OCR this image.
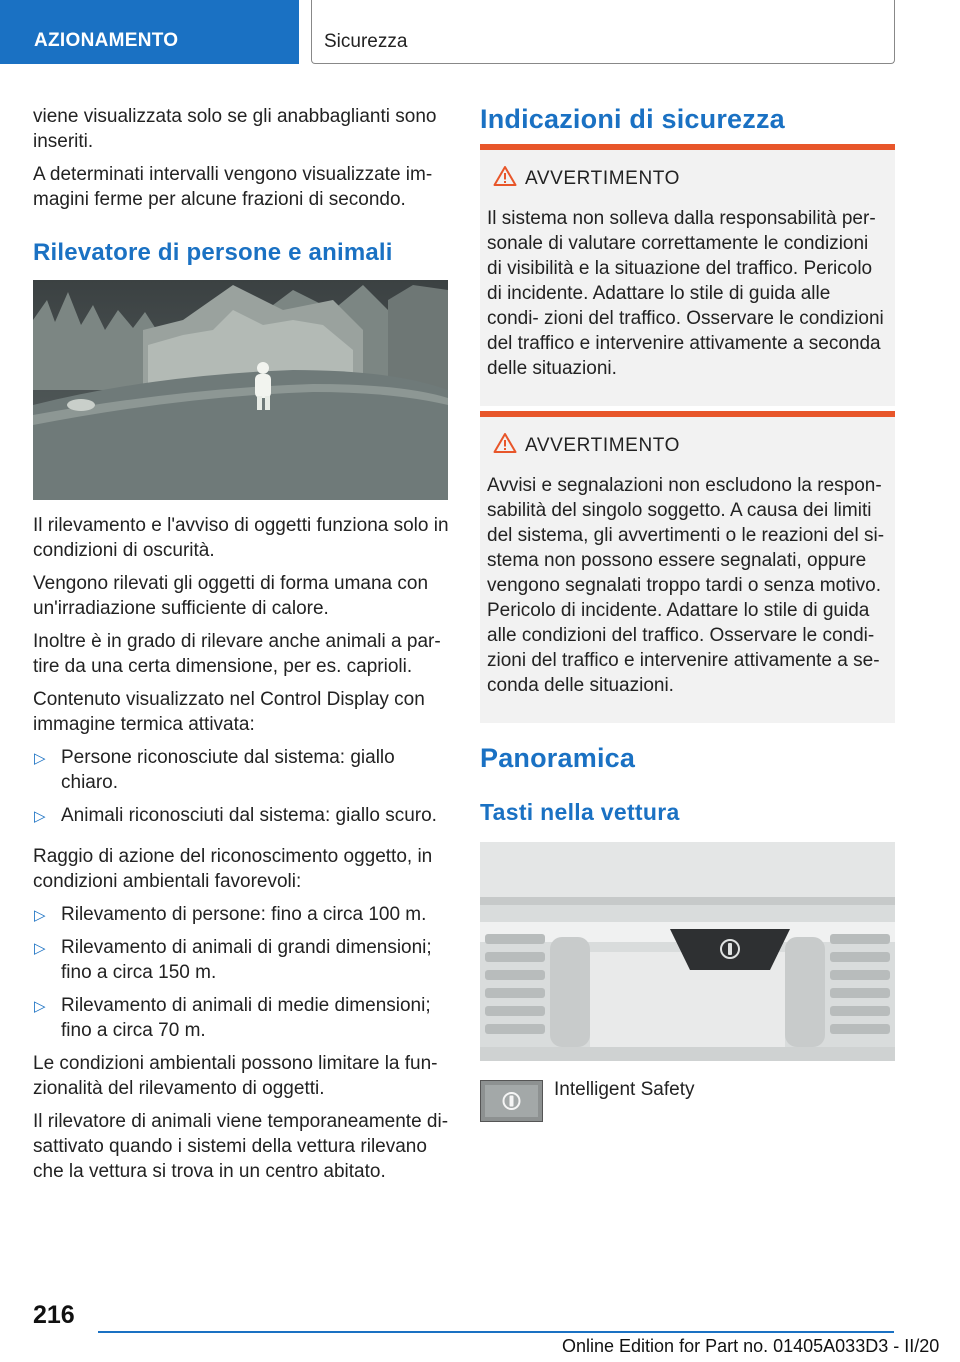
AZIONAMENTO	Sicurezza

viene visualizzata solo se gli anabbaglianti sono inseriti.

A determinati intervalli vengono visualizzate im- magini ferme per alcune frazioni di secondo.

Rilevatore di persone e animali

Il rilevamento e l'avviso di oggetti funziona solo in condizioni di oscurità.

Vengono rilevati gli oggetti di forma umana con un'irradiazione sufficiente di calore.

Inoltre è in grado di rilevare anche animali a par- tire da una certa dimensione, per es. caprioli.

Contenuto visualizzato nel Control Display con immagine termica attivata:

▷ Persone riconosciute dal sistema: giallo chiaro.
▷ Animali riconosciuti dal sistema: giallo scuro.

Raggio di azione del riconoscimento oggetto, in condizioni ambientali favorevoli:

▷ Rilevamento di persone: fino a circa 100 m.
▷ Rilevamento di animali di grandi dimensioni; fino a circa 150 m.
▷ Rilevamento di animali di medie dimensioni; fino a circa 70 m.

Le condizioni ambientali possono limitare la fun- zionalità del rilevamento di oggetti.

Il rilevatore di animali viene temporaneamente di- sattivato quando i sistemi della vettura rilevano che la vettura si trova in un centro abitato.

Indicazioni di sicurezza
AVVERTIMENTO
Il sistema non solleva dalla responsabilità per- sonale di valutare correttamente le condizioni di visibilità e la situazione del traffico. Pericolo di incidente. Adattare lo stile di guida alle condi- zioni del traffico. Osservare le condizioni del traffico e intervenire attivamente a seconda delle situazioni.
AVVERTIMENTO
Avvisi e segnalazioni non escludono la respon- sabilità del singolo soggetto. A causa dei limiti del sistema, gli avvertimenti o le reazioni del si- stema non possono essere segnalati, oppure vengono segnalati troppo tardi o senza motivo. Pericolo di incidente. Adattare lo stile di guida alle condizioni del traffico. Osservare le condi- zioni del traffico e intervenire attivamente a se- conda delle situazioni.
Panoramica
Tasti nella vettura
Intelligent Safety
216
Online Edition for Part no. 01405A033D3 - II/20
